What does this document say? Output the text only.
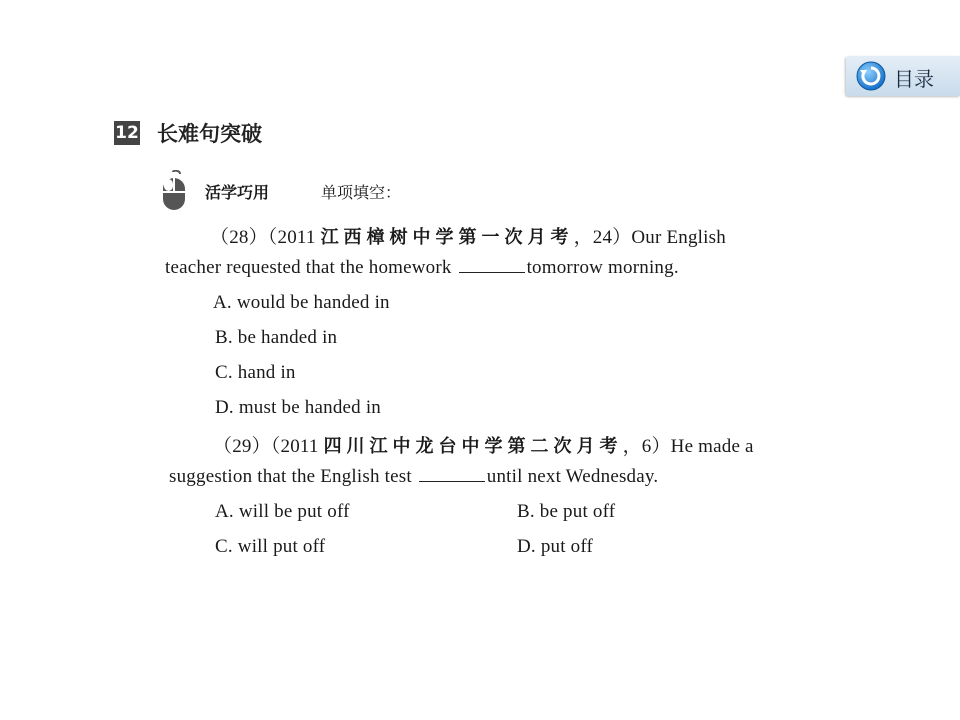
目录
12 长难句突破
活学巧用	单项填空：
（28）（2011 江西樟树中学第一次月考，24）Our English
teacher requested that the homework	tomorrow morning.
A. would be handed in
B. be handed in
C. hand in
D. must be handed in
（29）（2011 四川江中龙台中学第二次月考，6）He made a
suggestion that the English test	until next Wednesday.
A. will be put off	B. be put off
C. will put off	D. put off
